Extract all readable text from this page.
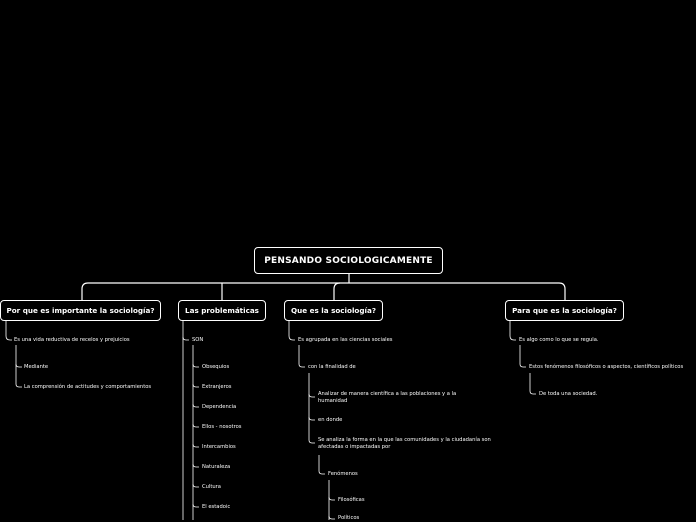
PENSANDO SOCIOLOGICAMENTE
Por que es importante la sociología?	Las problemáticas	Que es la sociología?	Para que es la sociología?
Es una vida reductiva de recelos y prejuicios
Mediante
La comprensión de actitudes y comportamientos
SON
Obsequios
Extranjeros
Dependencia
Ellos - nosotros
Intercambios
Naturaleza
Cultura
El estadoic
Es agrupada en las ciencias sociales
con la finalidad de
Analizar de manera científica a las poblaciones y a la humanidad
en donde
Se analiza la forma en la que las comunidades y la ciudadanía son afectadas o impactadas por
Fenómenos
Filosóficas
Políticos
Es algo como lo que se regula.
Estos fenómenos filosóficos o aspectos, científicos políticos
De toda una sociedad.
